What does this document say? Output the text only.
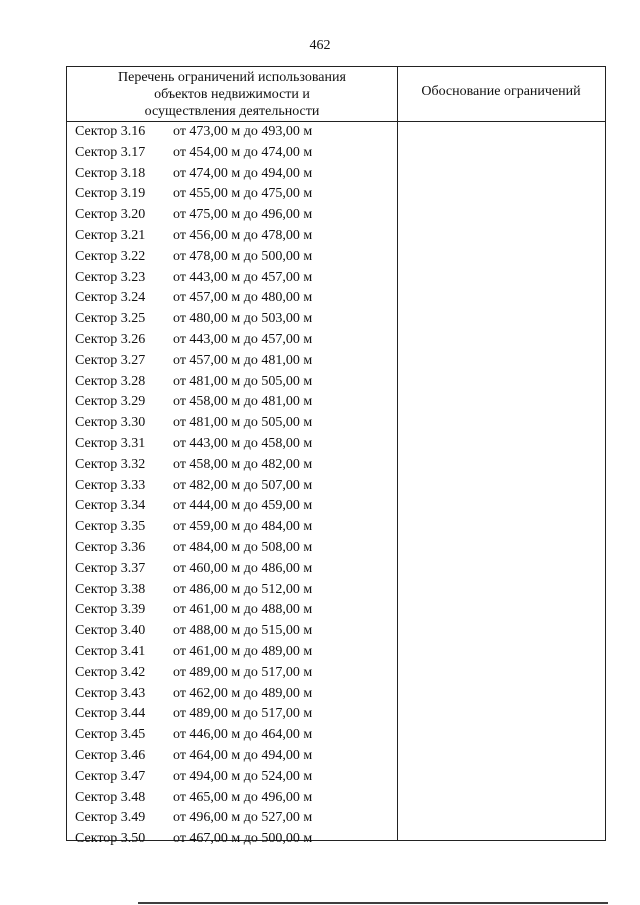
462
Перечень ограничений использования
объектов недвижимости и
осуществления деятельности
Обоснование ограничений
Сектор 3.16 от 473,00 м до 493,00 м
Сектор 3.17 от 454,00 м до 474,00 м
Сектор 3.18 от 474,00 м до 494,00 м
Сектор 3.19 от 455,00 м до 475,00 м
Сектор 3.20 от 475,00 м до 496,00 м
Сектор 3.21 от 456,00 м до 478,00 м
Сектор 3.22 от 478,00 м до 500,00 м
Сектор 3.23 от 443,00 м до 457,00 м
Сектор 3.24 от 457,00 м до 480,00 м
Сектор 3.25 от 480,00 м до 503,00 м
Сектор 3.26 от 443,00 м до 457,00 м
Сектор 3.27 от 457,00 м до 481,00 м
Сектор 3.28 от 481,00 м до 505,00 м
Сектор 3.29 от 458,00 м до 481,00 м
Сектор 3.30 от 481,00 м до 505,00 м
Сектор 3.31 от 443,00 м до 458,00 м
Сектор 3.32 от 458,00 м до 482,00 м
Сектор 3.33 от 482,00 м до 507,00 м
Сектор 3.34 от 444,00 м до 459,00 м
Сектор 3.35 от 459,00 м до 484,00 м
Сектор 3.36 от 484,00 м до 508,00 м
Сектор 3.37 от 460,00 м до 486,00 м
Сектор 3.38 от 486,00 м до 512,00 м
Сектор 3.39 от 461,00 м до 488,00 м
Сектор 3.40 от 488,00 м до 515,00 м
Сектор 3.41 от 461,00 м до 489,00 м
Сектор 3.42 от 489,00 м до 517,00 м
Сектор 3.43 от 462,00 м до 489,00 м
Сектор 3.44 от 489,00 м до 517,00 м
Сектор 3.45 от 446,00 м до 464,00 м
Сектор 3.46 от 464,00 м до 494,00 м
Сектор 3.47 от 494,00 м до 524,00 м
Сектор 3.48 от 465,00 м до 496,00 м
Сектор 3.49 от 496,00 м до 527,00 м
Сектор 3.50 от 467,00 м до 500,00 м
